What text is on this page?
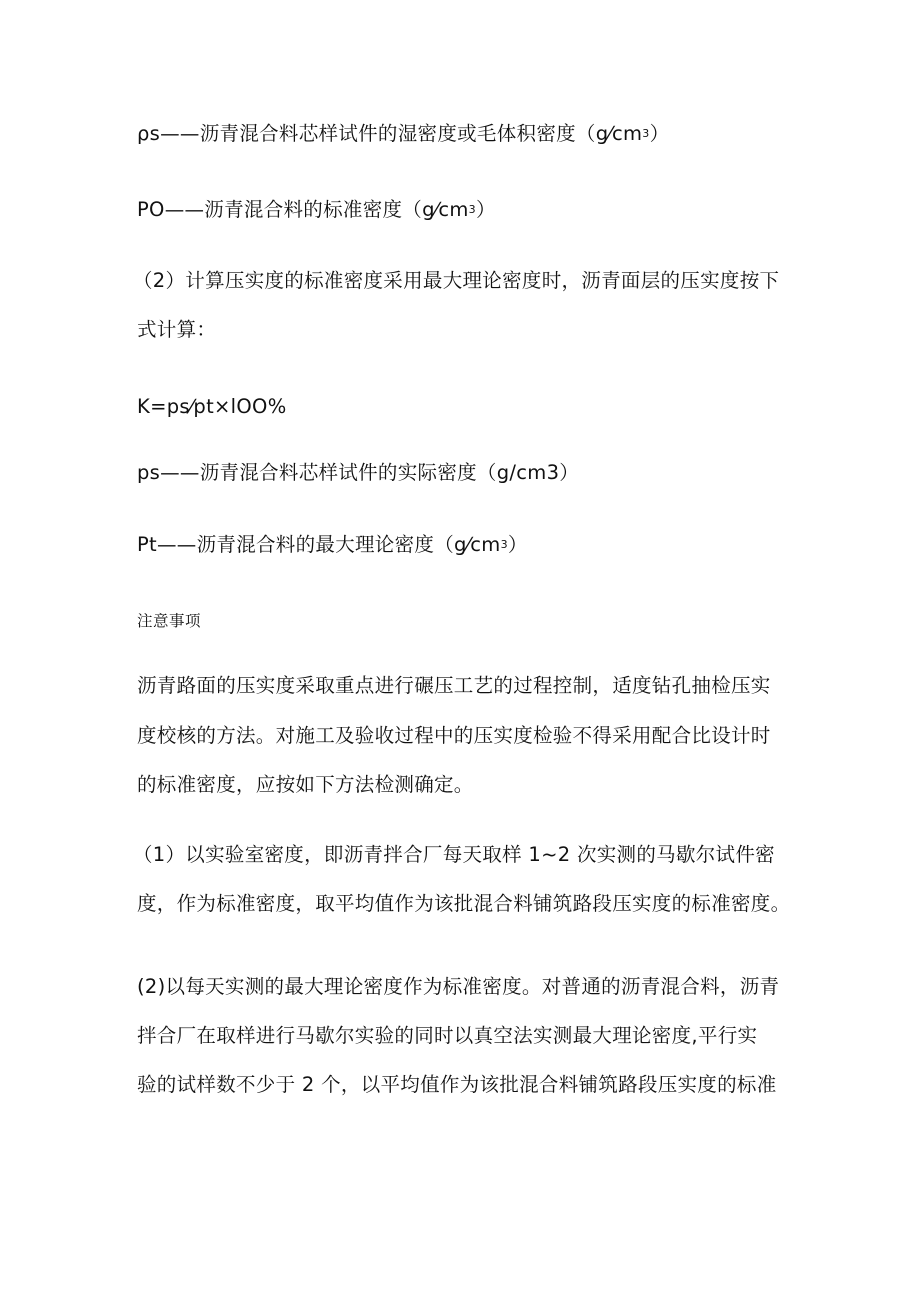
ρs——沥青混合料芯样试件的湿密度或毛体积密度$(g⁄cm^3)$
PO——沥青混合料的标准密度$(g⁄cm^3)$
（2）计算压实度的标准密度采用最大理论密度时，沥青面层的压实度按下
式计算：
K=ps⁄pt×lOO%
ps——沥青混合料芯样试件的实际密度（g/cm3）
Pt——沥青混合料的最大理论密度$(g⁄cm^3)$
注意事项
沥青路面的压实度采取重点进行碾压工艺的过程控制，适度钻孔抽检压实
度校核的方法。对施工及验收过程中的压实度检验不得采用配合比设计时
的标准密度，应按如下方法检测确定。
（1）以实验室密度，即沥青拌合厂每天取样 1~2 次实测的马歇尔试件密
度，作为标准密度，取平均值作为该批混合料铺筑路段压实度的标准密度。
(2)以每天实测的最大理论密度作为标准密度。对普通的沥青混合料，沥青
拌合厂在取样进行马歇尔实验的同时以真空法实测最大理论密度,平行实
验的试样数不少于 2 个，以平均值作为该批混合料铺筑路段压实度的标准
